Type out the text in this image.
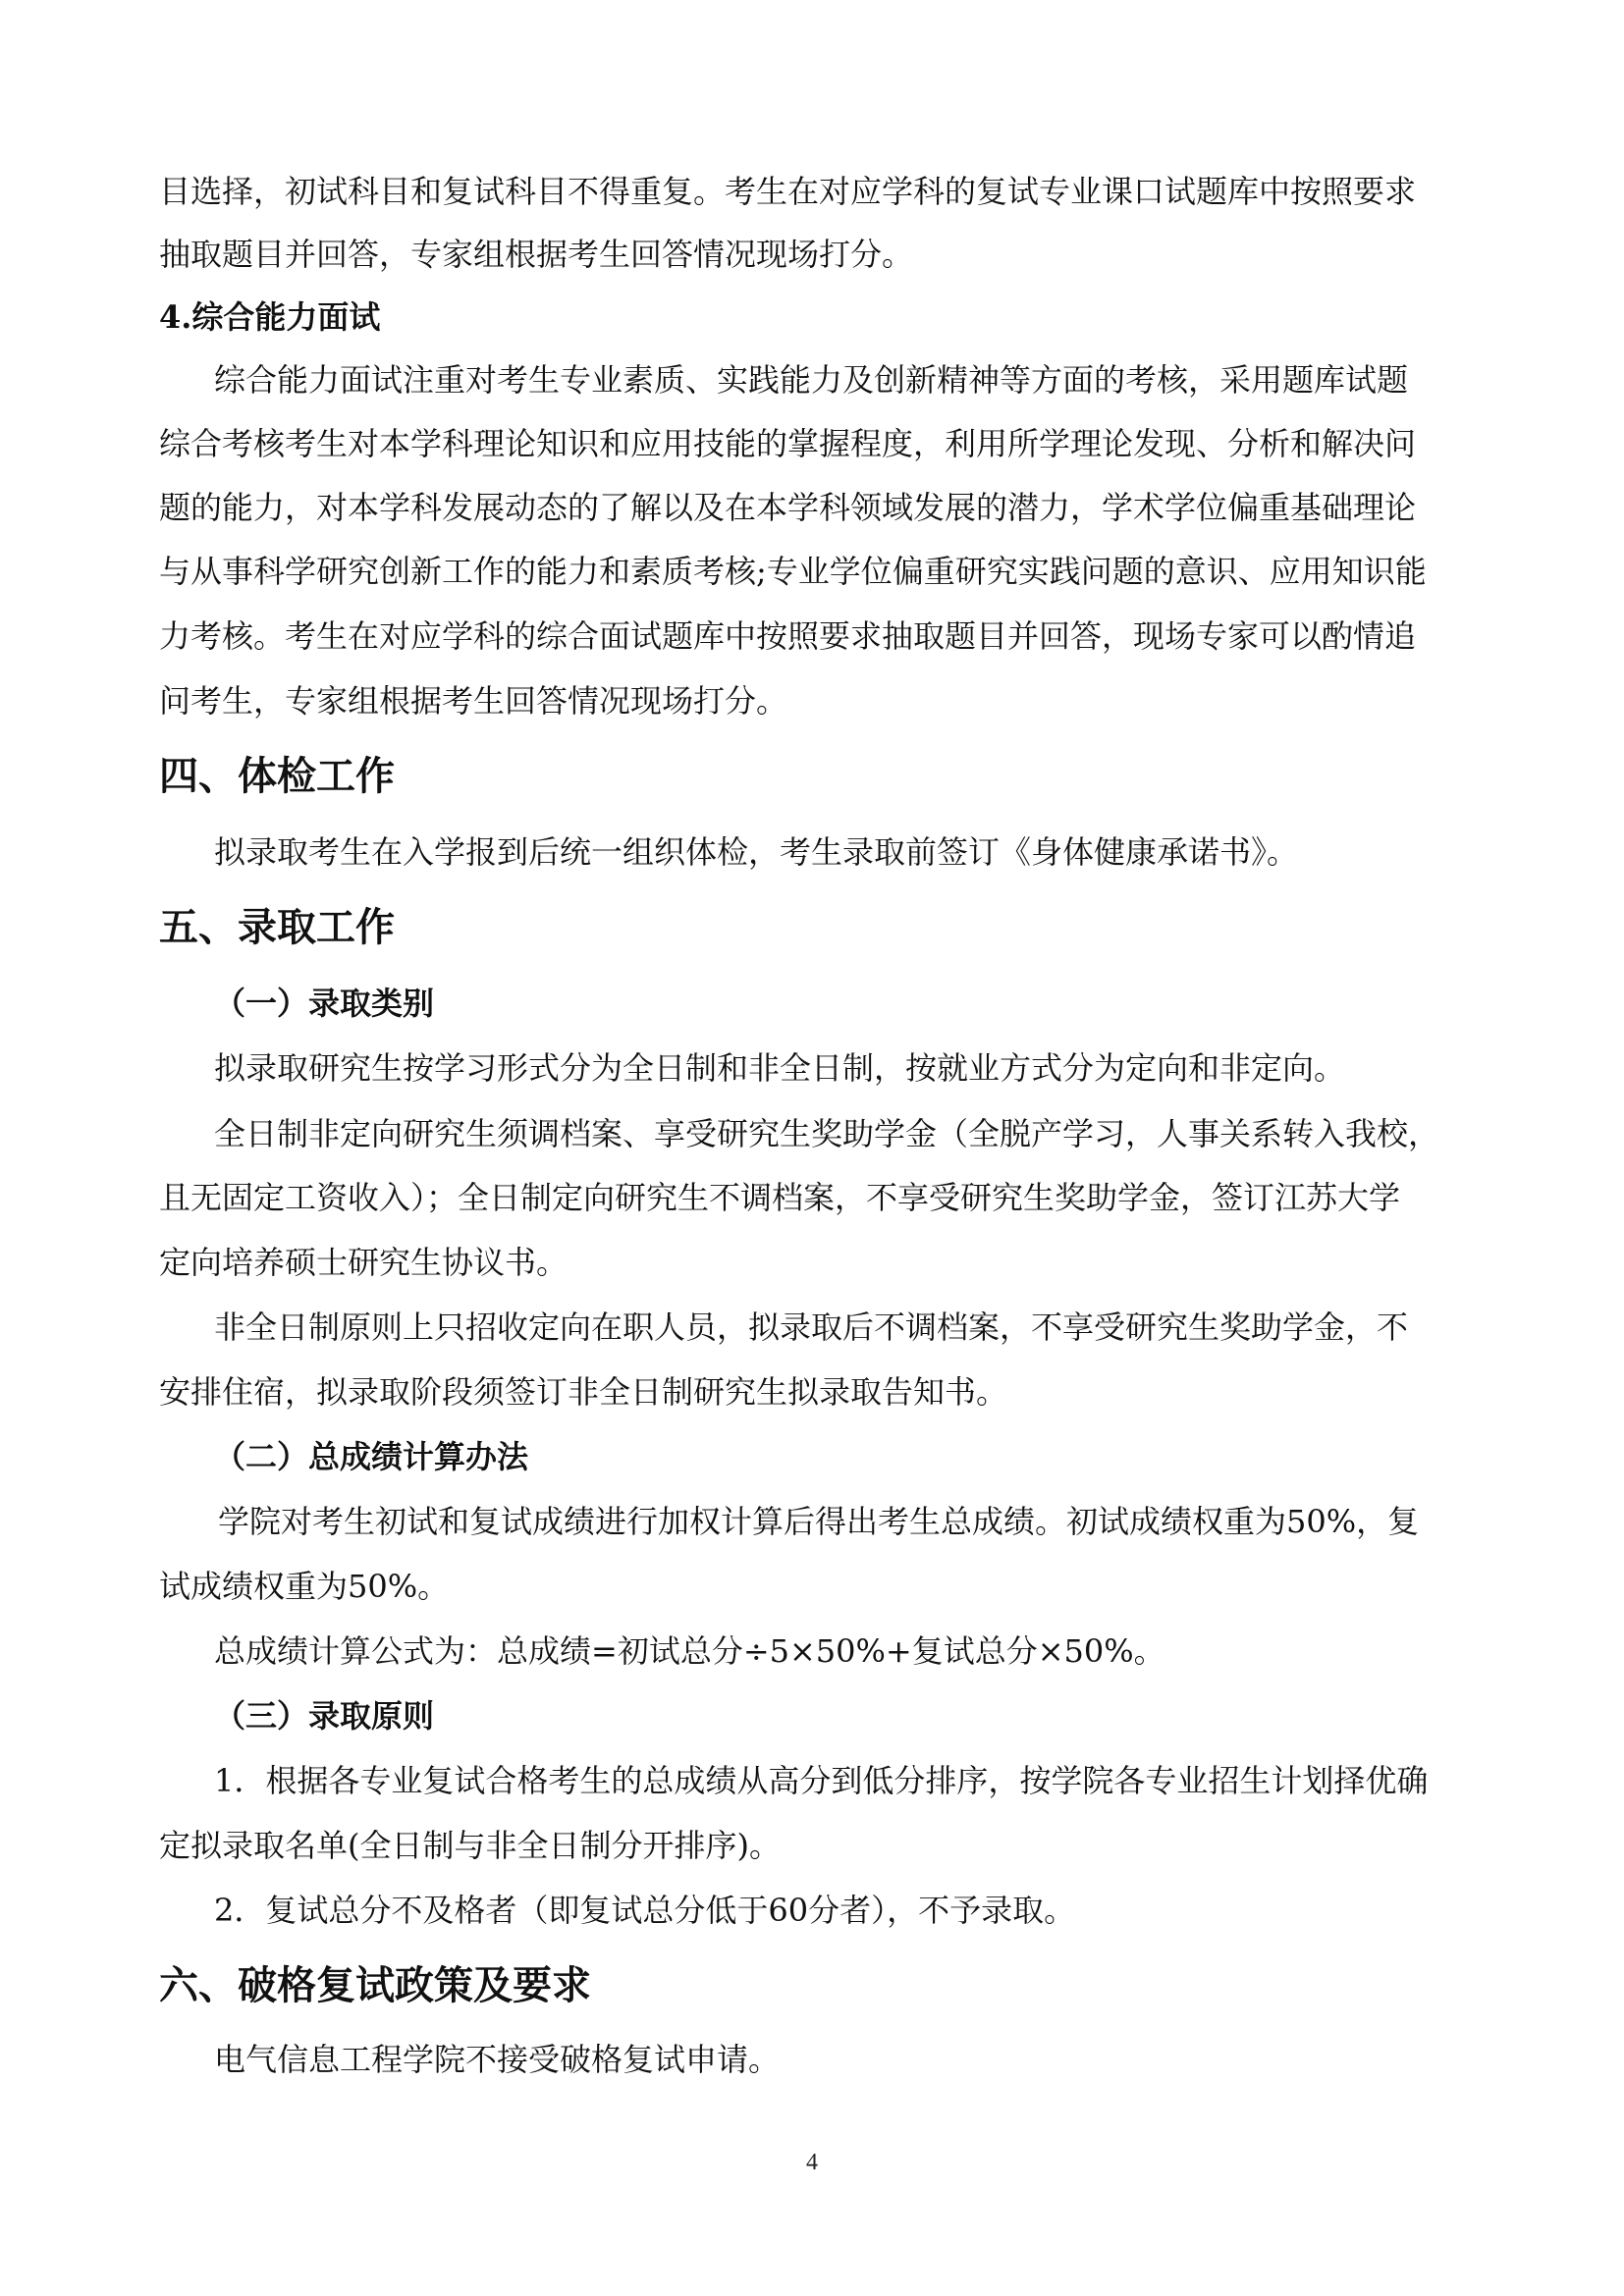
目选择，初试科目和复试科目不得重复。考生在对应学科的复试专业课口试题库中按照要求

抽取题目并回答，专家组根据考生回答情况现场打分。

4.综合能力面试

综合能力面试注重对考生专业素质、实践能力及创新精神等方面的考核，采用题库试题

综合考核考生对本学科理论知识和应用技能的掌握程度，利用所学理论发现、分析和解决问

题的能力，对本学科发展动态的了解以及在本学科领域发展的潜力，学术学位偏重基础理论

与从事科学研究创新工作的能力和素质考核;专业学位偏重研究实践问题的意识、应用知识能

力考核。考生在对应学科的综合面试题库中按照要求抽取题目并回答，现场专家可以酌情追

问考生，专家组根据考生回答情况现场打分。

四、体检工作

拟录取考生在入学报到后统一组织体检，考生录取前签订《身体健康承诺书》。

五、录取工作

（一）录取类别

拟录取研究生按学习形式分为全日制和非全日制，按就业方式分为定向和非定向。

全日制非定向研究生须调档案、享受研究生奖助学金（全脱产学习，人事关系转入我校，

且无固定工资收入）；全日制定向研究生不调档案，不享受研究生奖助学金，签订江苏大学

定向培养硕士研究生协议书。

非全日制原则上只招收定向在职人员，拟录取后不调档案，不享受研究生奖助学金，不

安排住宿，拟录取阶段须签订非全日制研究生拟录取告知书。

（二）总成绩计算办法

学院对考生初试和复试成绩进行加权计算后得出考生总成绩。初试成绩权重为50%，复

试成绩权重为50%。

总成绩计算公式为：总成绩=初试总分÷5×50%+复试总分×50%。

（三）录取原则

1．根据各专业复试合格考生的总成绩从高分到低分排序，按学院各专业招生计划择优确

定拟录取名单(全日制与非全日制分开排序)。

2．复试总分不及格者（即复试总分低于60分者），不予录取。

六、破格复试政策及要求

电气信息工程学院不接受破格复试申请。

4
